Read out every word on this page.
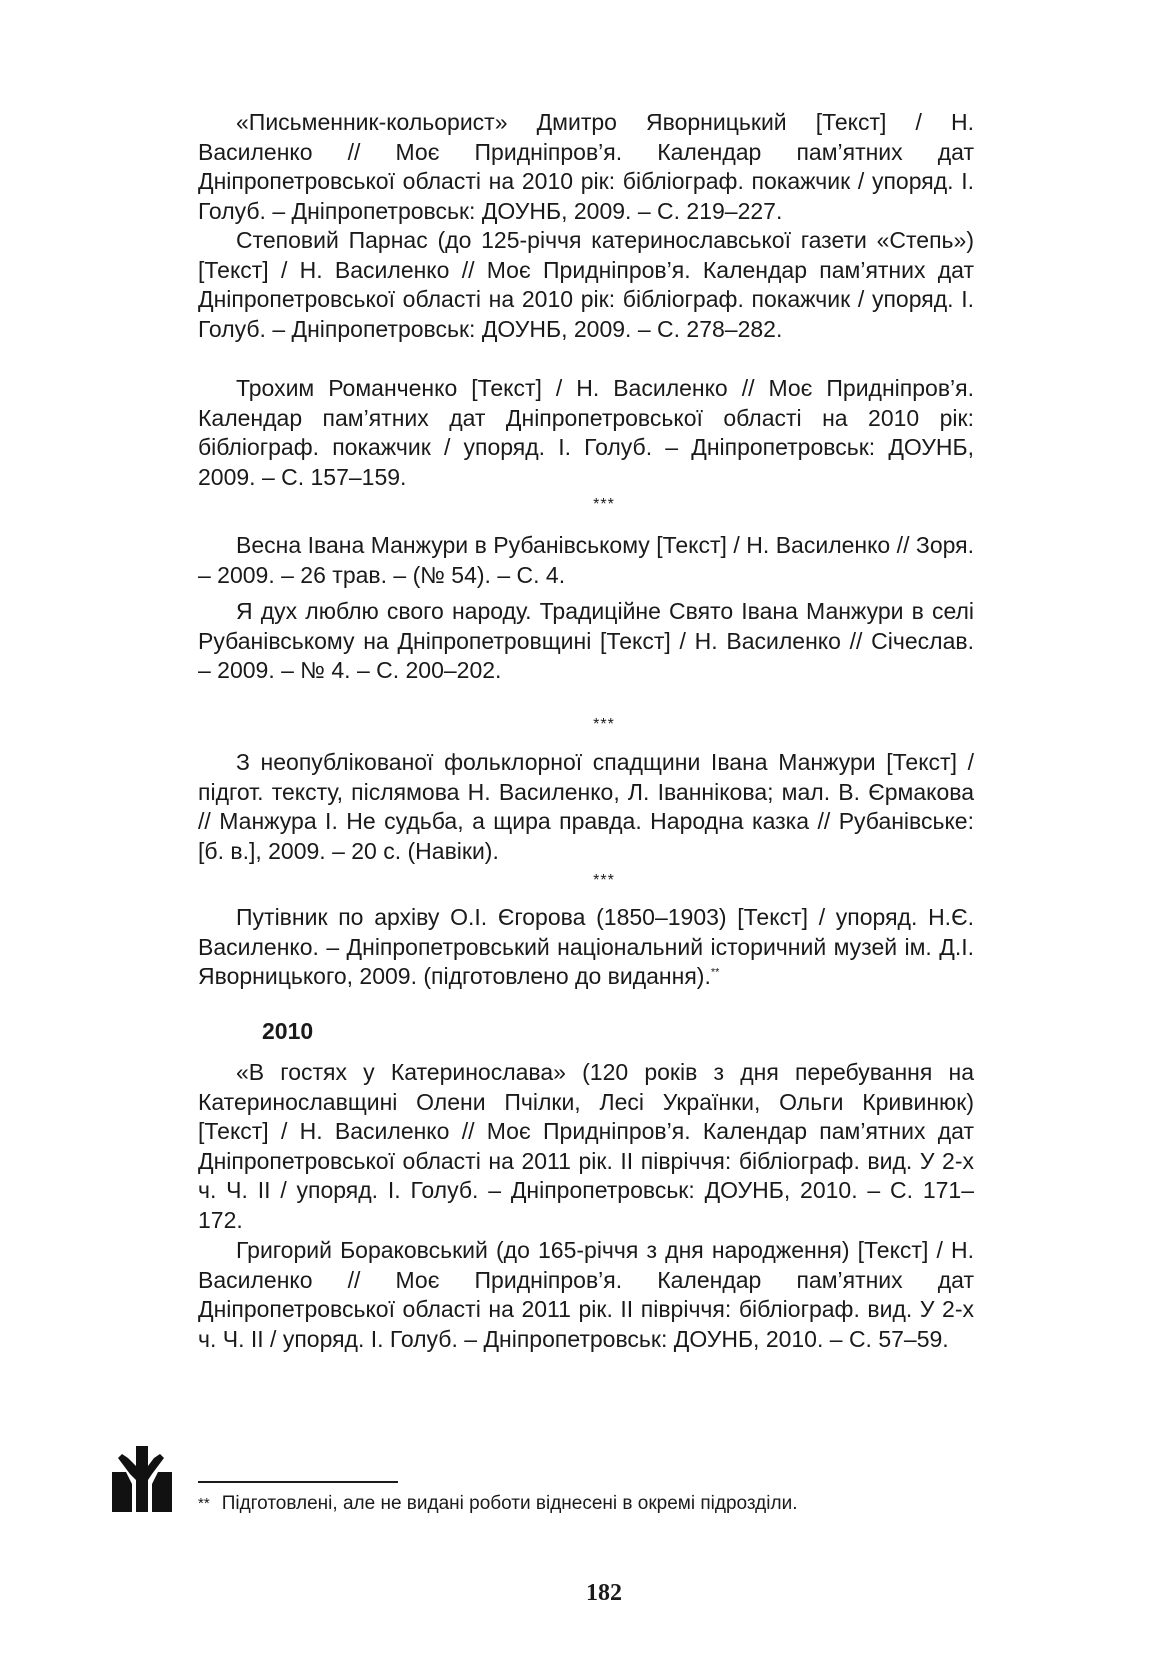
«Письменник-кольорист» Дмитро Яворницький [Текст] / Н. Василенко // Моє Придніпров’я. Календар пам’ятних дат Дніпропетровської області на 2010 рік: бібліограф. покажчик / упоряд. І. Голуб. – Дніпропетровськ: ДОУНБ, 2009. – С. 219–227.

Степовий Парнас (до 125-річчя катеринославської газети «Степь») [Текст] / Н. Василенко // Моє Придніпров’я. Календар пам’ятних дат Дніпропетровської області на 2010 рік: бібліограф. покажчик / упоряд. І. Голуб. – Дніпропетровськ: ДОУНБ, 2009. – С. 278–282.

Трохим Романченко [Текст] / Н. Василенко // Моє Придніпров’я. Календар пам’ятних дат Дніпропетровської області на 2010 рік: бібліограф. покажчик / упоряд. І. Голуб. – Дніпропетровськ: ДОУНБ, 2009. – С. 157–159.

***

Весна Івана Манжури в Рубанівському [Текст] / Н. Василенко // Зоря. – 2009. – 26 трав. – (№ 54). – С. 4.

Я дух люблю свого народу. Традиційне Свято Івана Манжури в селі Рубанівському на Дніпропетровщині [Текст] / Н. Василенко // Січеслав. – 2009. – № 4. – С. 200–202.

***

З неопублікованої фольклорної спадщини Івана Манжури [Текст] / підгот. тексту, післямова Н. Василенко, Л. Іваннікова; мал. В. Єрмакова // Манжура І. Не судьба, а щира правда. Народна казка // Рубанівське: [б. в.], 2009. – 20 с. (Навіки).

***

Путівник по архіву О.І. Єгорова (1850–1903) [Текст] / упоряд. Н.Є. Василенко. – Дніпропетровський національний історичний музей ім. Д.І. Яворницького, 2009. (підготовлено до видання).**

2010

«В гостях у Катеринослава» (120 років з дня перебування на Катеринославщині Олени Пчілки, Лесі Українки, Ольги Кривинюк) [Текст] / Н. Василенко // Моє Придніпров’я. Календар пам’ятних дат Дніпропетровської області на 2011 рік. ІІ півріччя: бібліограф. вид. У 2-х ч. Ч. ІІ / упоряд. І. Голуб. – Дніпропетровськ: ДОУНБ, 2010. – С. 171–172.

Григорий Бораковський (до 165-річчя з дня народження) [Текст] / Н. Василенко // Моє Придніпров’я. Календар пам’ятних дат Дніпропетровської області на 2011 рік. ІІ півріччя: бібліограф. вид. У 2-х ч. Ч. ІІ / упоряд. І. Голуб. – Дніпропетровськ: ДОУНБ, 2010. – С. 57–59.

** Підготовлені, але не видані роботи віднесені в окремі підрозділи.
182
